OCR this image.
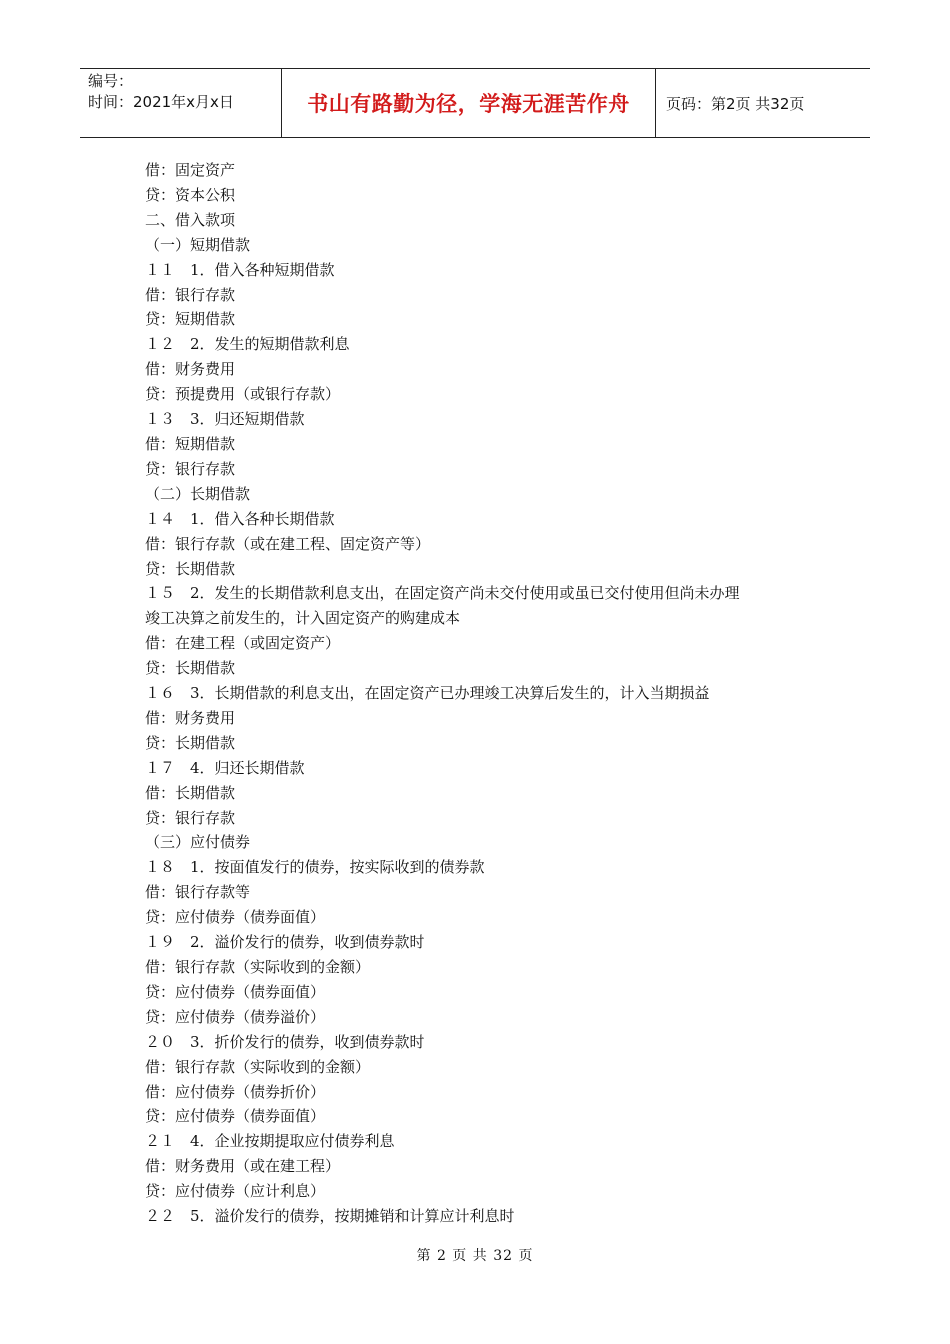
编号：
时间：2021年x月x日	书山有路勤为径，学海无涯苦作舟 页码：第2页 共32页
借：固定资产
贷：资本公积
二、借入款项
（一）短期借款
１１　1．借入各种短期借款
借：银行存款
贷：短期借款
１２　2．发生的短期借款利息
借：财务费用
贷：预提费用（或银行存款）
１３　3．归还短期借款
借：短期借款
贷：银行存款
（二）长期借款
１４　1．借入各种长期借款
借：银行存款（或在建工程、固定资产等）
贷：长期借款
１５　2．发生的长期借款利息支出，在固定资产尚未交付使用或虽已交付使用但尚未办理
竣工决算之前发生的，计入固定资产的购建成本
借：在建工程（或固定资产）
贷：长期借款
１６　3．长期借款的利息支出，在固定资产已办理竣工决算后发生的，计入当期损益
借：财务费用
贷：长期借款
１７　4．归还长期借款
借：长期借款
贷：银行存款
（三）应付债券
１８　1．按面值发行的债券，按实际收到的债券款
借：银行存款等
贷：应付债券（债券面值）
１９　2．溢价发行的债券，收到债券款时
借：银行存款（实际收到的金额）
贷：应付债券（债券面值）
贷：应付债券（债券溢价）
２０　3．折价发行的债券，收到债券款时
借：银行存款（实际收到的金额）
借：应付债券（债券折价）
贷：应付债券（债券面值）
２１　4．企业按期提取应付债券利息
借：财务费用（或在建工程）
贷：应付债券（应计利息）
２２　5．溢价发行的债券，按期摊销和计算应计利息时
第 2 页 共 32 页
